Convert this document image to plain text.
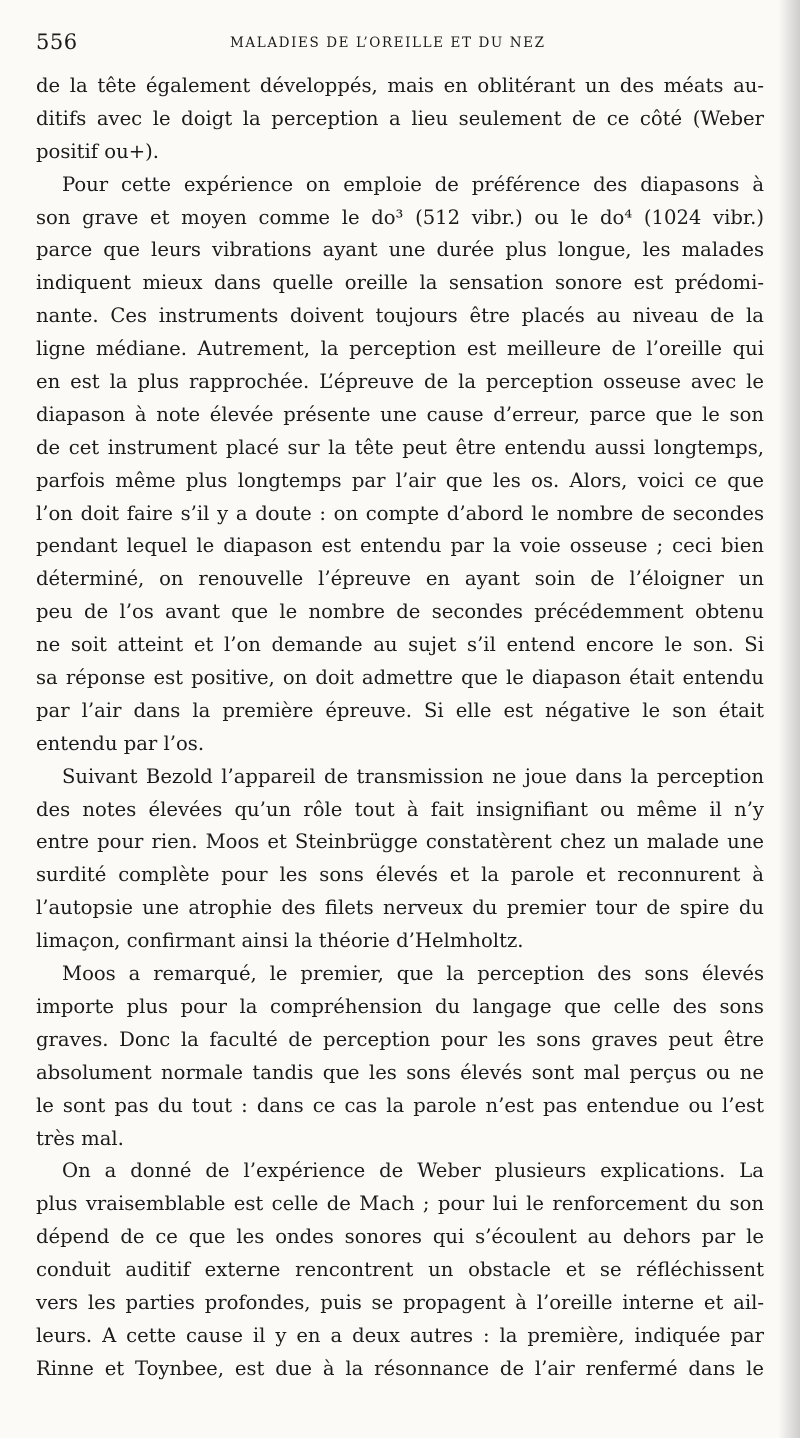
556	MALADIES DE L’OREILLE ET DU NEZ
de la tête également développés, mais en oblitérant un des méats au-
ditifs avec le doigt la perception a lieu seulement de ce côté (Weber
positif ou+).
Pour cette expérience on emploie de préférence des diapasons à
son grave et moyen comme le do³ (512 vibr.) ou le do⁴ (1024 vibr.)
parce que leurs vibrations ayant une durée plus longue, les malades
indiquent mieux dans quelle oreille la sensation sonore est prédomi-
nante. Ces instruments doivent toujours être placés au niveau de la
ligne médiane. Autrement, la perception est meilleure de l’oreille qui
en est la plus rapprochée. L’épreuve de la perception osseuse avec le
diapason à note élevée présente une cause d’erreur, parce que le son
de cet instrument placé sur la tête peut être entendu aussi longtemps,
parfois même plus longtemps par l’air que les os. Alors, voici ce que
l’on doit faire s’il y a doute : on compte d’abord le nombre de secondes
pendant lequel le diapason est entendu par la voie osseuse ; ceci bien
déterminé, on renouvelle l’épreuve en ayant soin de l’éloigner un
peu de l’os avant que le nombre de secondes précédemment obtenu
ne soit atteint et l’on demande au sujet s’il entend encore le son. Si
sa réponse est positive, on doit admettre que le diapason était entendu
par l’air dans la première épreuve. Si elle est négative le son était
entendu par l’os.
Suivant Bezold l’appareil de transmission ne joue dans la perception
des notes élevées qu’un rôle tout à fait insignifiant ou même il n’y
entre pour rien. Moos et Steinbrügge constatèrent chez un malade une
surdité complète pour les sons élevés et la parole et reconnurent à
l’autopsie une atrophie des filets nerveux du premier tour de spire du
limaçon, confirmant ainsi la théorie d’Helmholtz.
Moos a remarqué, le premier, que la perception des sons élevés
importe plus pour la compréhension du langage que celle des sons
graves. Donc la faculté de perception pour les sons graves peut être
absolument normale tandis que les sons élevés sont mal perçus ou ne
le sont pas du tout : dans ce cas la parole n’est pas entendue ou l’est
très mal.
On a donné de l’expérience de Weber plusieurs explications. La
plus vraisemblable est celle de Mach ; pour lui le renforcement du son
dépend de ce que les ondes sonores qui s’écoulent au dehors par le
conduit auditif externe rencontrent un obstacle et se réfléchissent
vers les parties profondes, puis se propagent à l’oreille interne et ail-
leurs. A cette cause il y en a deux autres : la première, indiquée par
Rinne et Toynbee, est due à la résonnance de l’air renfermé dans le
